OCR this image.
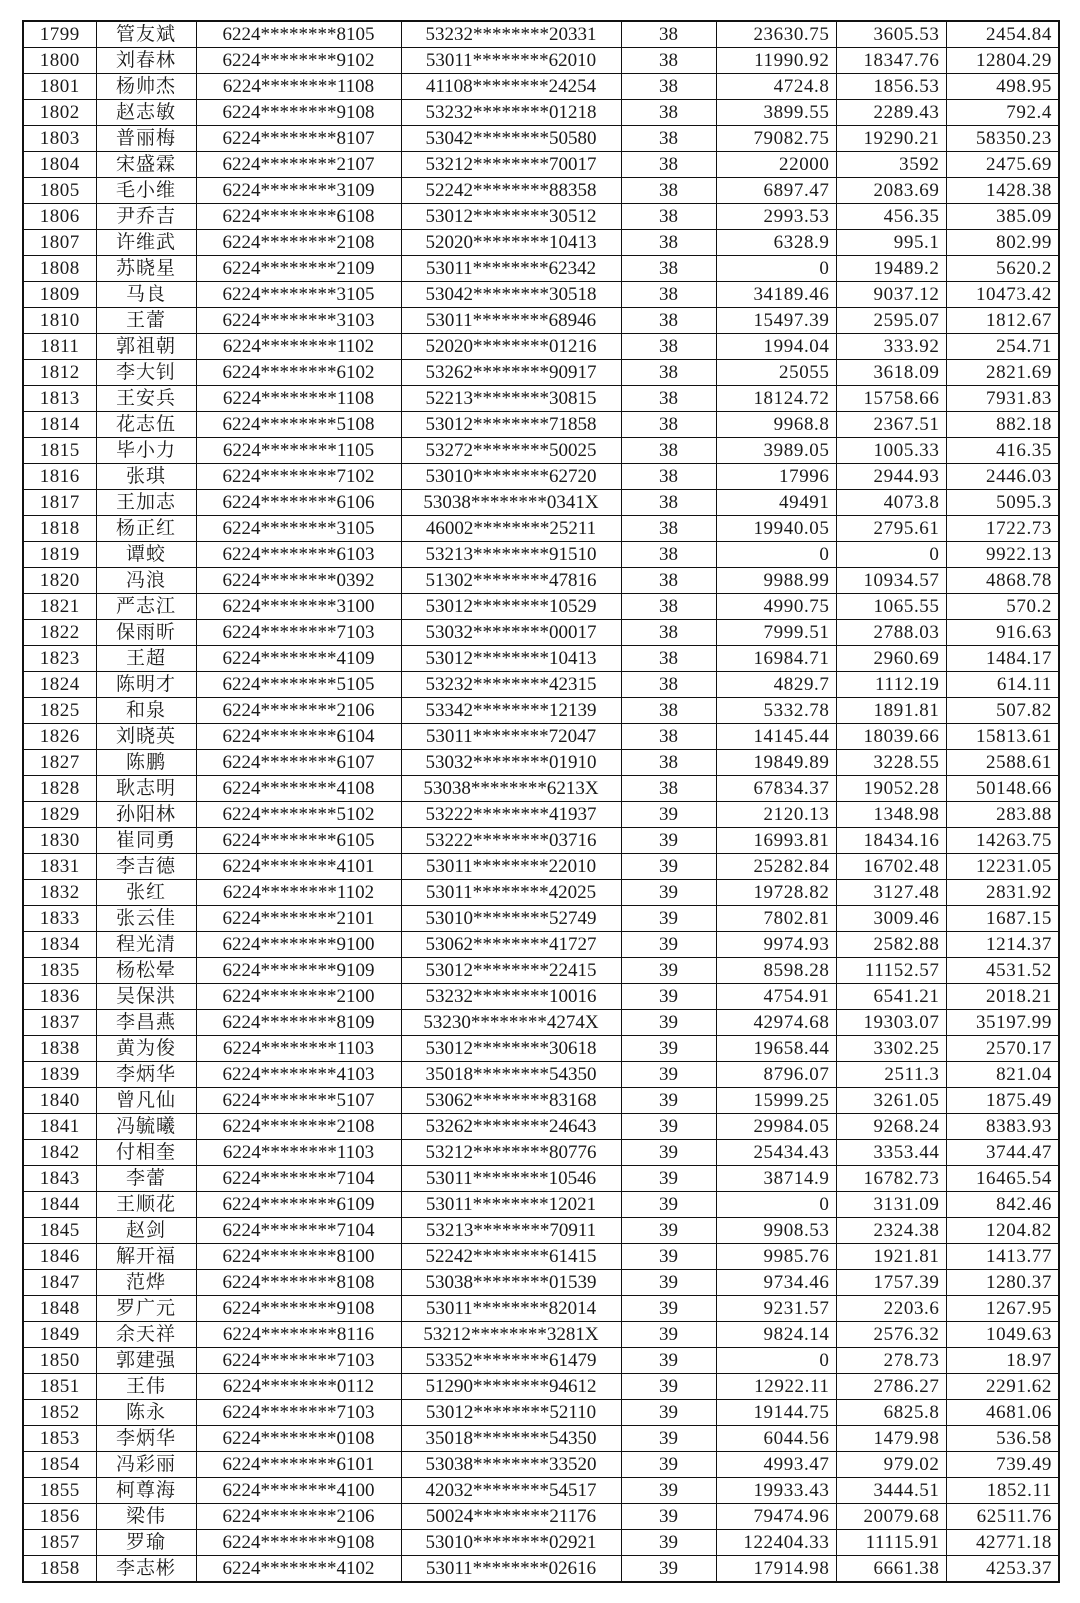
1799	管友斌	6224********8105	53232********20331	38	23630.75	3605.53	2454.84
1800	刘春林	6224********9102	53011********62010	38	11990.92	18347.76	12804.29
1801	杨帅杰	6224********1108	41108********24254	38	4724.8	1856.53	498.95
1802	赵志敏	6224********9108	53232********01218	38	3899.55	2289.43	792.4
1803	普丽梅	6224********8107	53042********50580	38	79082.75	19290.21	58350.23
1804	宋盛霖	6224********2107	53212********70017	38	22000	3592	2475.69
1805	毛小维	6224********3109	52242********88358	38	6897.47	2083.69	1428.38
1806	尹乔吉	6224********6108	53012********30512	38	2993.53	456.35	385.09
1807	许维武	6224********2108	52020********10413	38	6328.9	995.1	802.99
1808	苏晓星	6224********2109	53011********62342	38	0	19489.2	5620.2
1809	马良	6224********3105	53042********30518	38	34189.46	9037.12	10473.42
1810	王蕾	6224********3103	53011********68946	38	15497.39	2595.07	1812.67
1811	郭祖朝	6224********1102	52020********01216	38	1994.04	333.92	254.71
1812	李大钊	6224********6102	53262********90917	38	25055	3618.09	2821.69
1813	王安兵	6224********1108	52213********30815	38	18124.72	15758.66	7931.83
1814	花志伍	6224********5108	53012********71858	38	9968.8	2367.51	882.18
1815	毕小力	6224********1105	53272********50025	38	3989.05	1005.33	416.35
1816	张琪	6224********7102	53010********62720	38	17996	2944.93	2446.03
1817	王加志	6224********6106	53038********0341X	38	49491	4073.8	5095.3
1818	杨正红	6224********3105	46002********25211	38	19940.05	2795.61	1722.73
1819	谭蛟	6224********6103	53213********91510	38	0	0	9922.13
1820	冯浪	6224********0392	51302********47816	38	9988.99	10934.57	4868.78
1821	严志江	6224********3100	53012********10529	38	4990.75	1065.55	570.2
1822	保雨昕	6224********7103	53032********00017	38	7999.51	2788.03	916.63
1823	王超	6224********4109	53012********10413	38	16984.71	2960.69	1484.17
1824	陈明才	6224********5105	53232********42315	38	4829.7	1112.19	614.11
1825	和泉	6224********2106	53342********12139	38	5332.78	1891.81	507.82
1826	刘晓英	6224********6104	53011********72047	38	14145.44	18039.66	15813.61
1827	陈鹏	6224********6107	53032********01910	38	19849.89	3228.55	2588.61
1828	耿志明	6224********4108	53038********6213X	38	67834.37	19052.28	50148.66
1829	孙阳林	6224********5102	53222********41937	39	2120.13	1348.98	283.88
1830	崔同勇	6224********6105	53222********03716	39	16993.81	18434.16	14263.75
1831	李吉德	6224********4101	53011********22010	39	25282.84	16702.48	12231.05
1832	张红	6224********1102	53011********42025	39	19728.82	3127.48	2831.92
1833	张云佳	6224********2101	53010********52749	39	7802.81	3009.46	1687.15
1834	程光清	6224********9100	53062********41727	39	9974.93	2582.88	1214.37
1835	杨松晕	6224********9109	53012********22415	39	8598.28	11152.57	4531.52
1836	吴保洪	6224********2100	53232********10016	39	4754.91	6541.21	2018.21
1837	李昌燕	6224********8109	53230********4274X	39	42974.68	19303.07	35197.99
1838	黄为俊	6224********1103	53012********30618	39	19658.44	3302.25	2570.17
1839	李炳华	6224********4103	35018********54350	39	8796.07	2511.3	821.04
1840	曾凡仙	6224********5107	53062********83168	39	15999.25	3261.05	1875.49
1841	冯毓曦	6224********2108	53262********24643	39	29984.05	9268.24	8383.93
1842	付相奎	6224********1103	53212********80776	39	25434.43	3353.44	3744.47
1843	李蕾	6224********7104	53011********10546	39	38714.9	16782.73	16465.54
1844	王顺花	6224********6109	53011********12021	39	0	3131.09	842.46
1845	赵剑	6224********7104	53213********70911	39	9908.53	2324.38	1204.82
1846	解开福	6224********8100	52242********61415	39	9985.76	1921.81	1413.77
1847	范烨	6224********8108	53038********01539	39	9734.46	1757.39	1280.37
1848	罗广元	6224********9108	53011********82014	39	9231.57	2203.6	1267.95
1849	余天祥	6224********8116	53212********3281X	39	9824.14	2576.32	1049.63
1850	郭建强	6224********7103	53352********61479	39	0	278.73	18.97
1851	王伟	6224********0112	51290********94612	39	12922.11	2786.27	2291.62
1852	陈永	6224********7103	53012********52110	39	19144.75	6825.8	4681.06
1853	李炳华	6224********0108	35018********54350	39	6044.56	1479.98	536.58
1854	冯彩丽	6224********6101	53038********33520	39	4993.47	979.02	739.49
1855	柯尊海	6224********4100	42032********54517	39	19933.43	3444.51	1852.11
1856	梁伟	6224********2106	50024********21176	39	79474.96	20079.68	62511.76
1857	罗瑜	6224********9108	53010********02921	39	122404.33	11115.91	42771.18
1858	李志彬	6224********4102	53011********02616	39	17914.98	6661.38	4253.37
